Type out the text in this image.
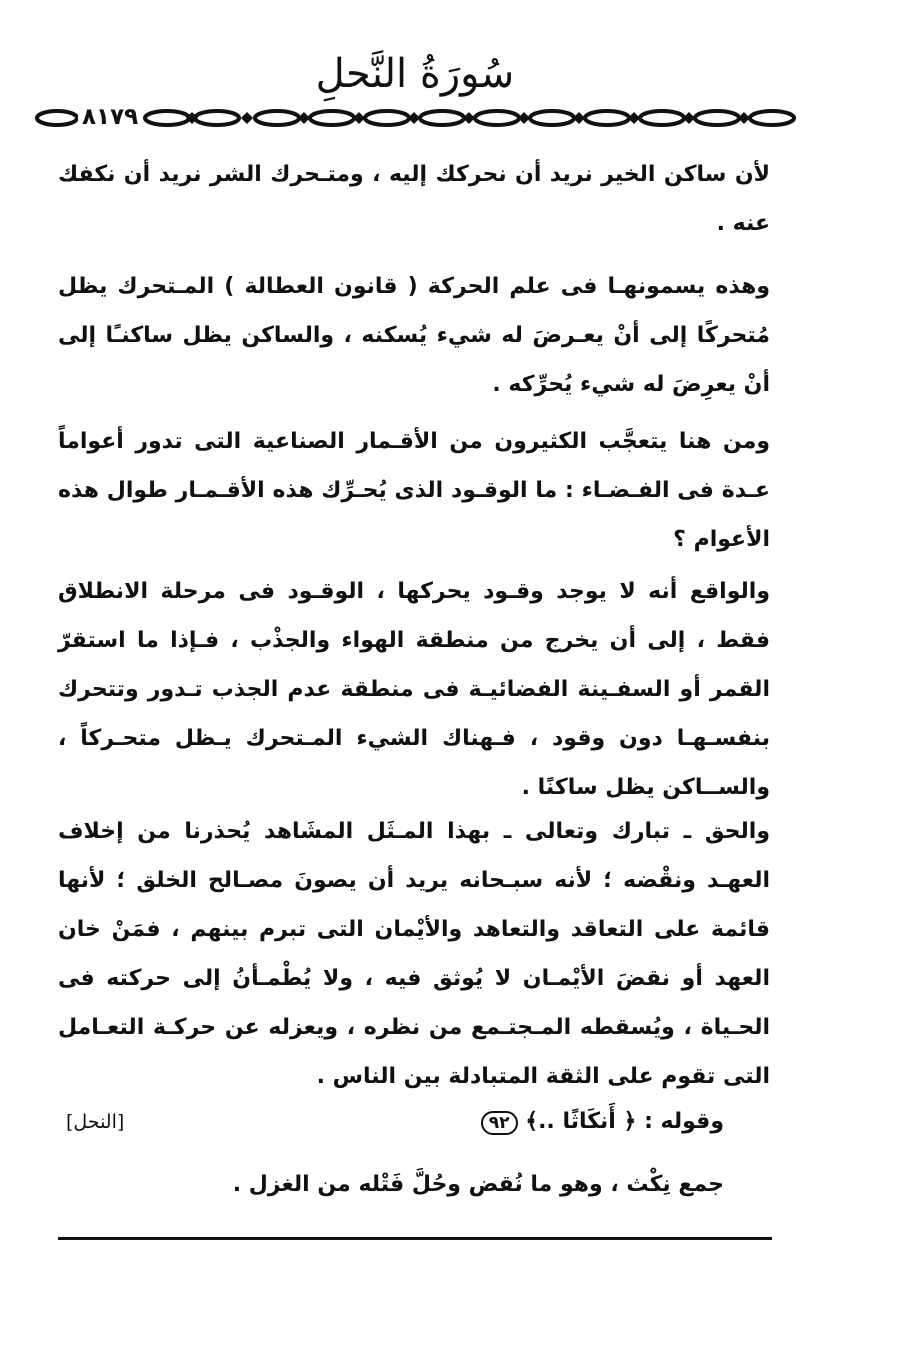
سُورَةُ النَّحلِ
٨١٧٩

لأن ساكن الخير نريد أن نحركك إليه ، ومتـحرك الشر نريد أن نكفك عنه .

وهذه يسمونهـا فى علم الحركة ( قانون العطالة ) المـتحرك يظل مُتحركًا إلى أنْ يعـرضَ له شيء يُسكنه ، والساكن يظل ساكنـًا إلى أنْ يعرِضَ له شيء يُحرِّكه .

ومن هنا يتعجَّب الكثيرون من الأقـمار الصناعية التى تدور أعواماً عـدة فى الفـضـاء : ما الوقـود الذى يُحـرِّك هذه الأقـمـار طوال هذه الأعوام ؟

والواقع أنه لا يوجد وقـود يحركها ، الوقـود فى مرحلة الانطلاق فقط ، إلى أن يخرج من منطقة الهواء والجذْب ، فـإذا ما استقرّ القمر أو السفـينة الفضائيـة فى منطقة عدم الجذب تـدور وتتحرك بنفسـهـا دون وقود ، فـهناك الشيء المـتحرك يـظل متحـركاً ، والســاكن يظل ساكنًا .

والحق ـ تبارك وتعالى ـ بهذا المـثَل المشَاهد يُحذرنا من إخلاف العهـد ونقْضه ؛ لأنه سبـحانه يريد أن يصونَ مصـالح الخلق ؛ لأنها قائمة على التعاقد والتعاهد والأيْمان التى تبرم بينهم ، فمَنْ خان العهد أو نقضَ الأيْمـان لا يُوثق فيه ، ولا يُطْمـأنُ إلى حركته فى الحـياة ، ويُسقطه المـجتـمع من نظره ، ويعزله عن حركـة التعـامل التى تقوم على الثقة المتبادلة بين الناس .

وقوله : ﴿ أَنكَاثًا ..﴾ ٩٢
[النحل]
جمع نِكْث ، وهو ما نُقض وحُلَّ فَتْله من الغزل .
